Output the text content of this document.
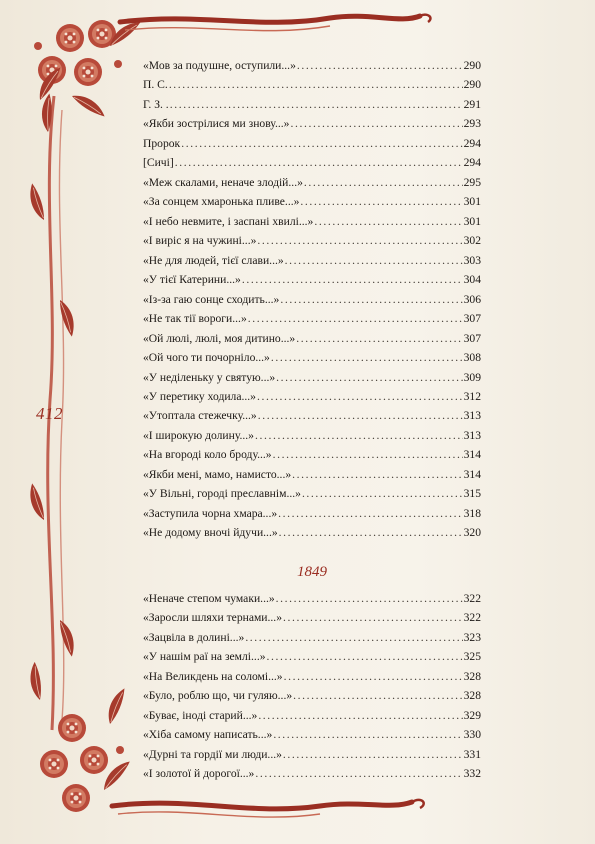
412
«Мов за подушне, оступили...» .....	290
П. С. .....	290
Г. З. . .....	291
«Якби зострілися ми знову...» .....	293
Пророк .....	294
[Сичі] .....	294
«Меж скалами, неначе злодій...» .....	295
«За сонцем хмаронька пливе...» .....	301
«І небо невмите, і заспані хвилі...» .....	301
«І виріс я на чужині...» .....	302
«Не для людей, тієї слави...» .....	303
«У тієї Катерини...» .....	304
«Із-за гаю сонце сходить...» .....	306
«Не так тії вороги...» .....	307
«Ой люлі, люлі, моя дитино...» .....	307
«Ой чого ти почорніло...» .....	308
«У неділеньку у святую...» .....	309
«У перетику ходила...» .....	312
«Утоптала стежечку...» .....	313
«І широкую долину...» .....	313
«На вгороді коло броду...» .....	314
«Якби мені, мамо, намисто...» .....	314
«У Вільні, городі преславнім...» .....	315
«Заступила чорна хмара...» .....	318
«Не додому вночі йдучи...» .....	320
1849
«Неначе степом чумаки...» .....	322
«Заросли шляхи тернами...» .....	322
«Зацвіла в долині...» .....	323
«У нашім раї на землі...» .....	325
«На Великдень на соломі...» .....	328
«Було, роблю що, чи гуляю...» .....	328
«Буває, іноді старий...» .....	329
«Хіба самому написать...» .....	330
«Дурні та гордії ми люди...» .....	331
«І золотої й дорогої...» .....	332
